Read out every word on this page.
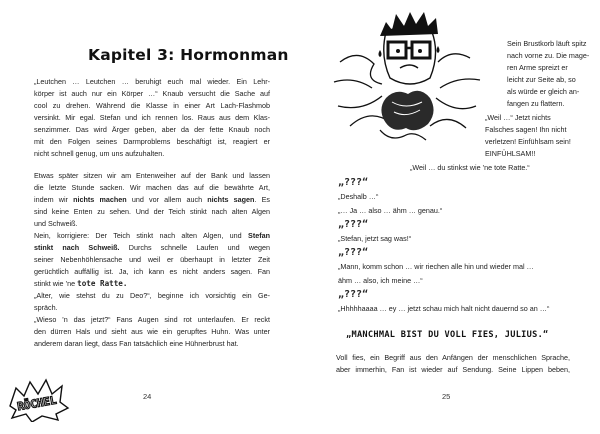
Kapitel 3: Hormonman
„Leutchen … Leutchen … beruhigt euch mal wieder. Ein Lehr-
körper ist auch nur ein Körper …“ Knaub versucht die Sache auf
cool zu drehen. Während die Klasse in einer Art Lach-Flashmob
versinkt. Mir egal. Stefan und ich rennen los. Raus aus dem Klas-
senzimmer. Das wird Ärger geben, aber da der fette Knaub noch
mit den Folgen seines Darmproblems beschäftigt ist, reagiert er
nicht schnell genug, um uns aufzuhalten.
Etwas später sitzen wir am Entenweiher auf der Bank und lassen
die letzte Stunde sacken. Wir machen das auf die bewährte Art,
indem wir nichts machen und vor allem auch nichts sagen. Es
sind keine Enten zu sehen. Und der Teich stinkt nach alten Algen
und Schweiß.
Nein, korrigiere: Der Teich stinkt nach alten Algen, und Stefan
stinkt nach Schweiß. Durchs schnelle Laufen und wegen
seiner Nebenhöhlensache und weil er überhaupt in letzter Zeit
gerüchtlich auffällig ist. Ja, ich kann es nicht anders sagen. Fan
stinkt wie ’ne tote Ratte.
„Alter, wie stehst du zu Deo?“, beginne ich vorsichtig ein Ge-
spräch.
„Wieso ’n das jetzt?“ Fans Augen sind rot unterlaufen. Er reckt
den dürren Hals und sieht aus wie ein gerupftes Huhn. Was unter
anderem daran liegt, dass Fan tatsächlich eine Hühnerbrust hat.
RÖCHEL	24
Sein Brustkorb läuft spitz
nach vorne zu. Die mage-
ren Arme spreizt er
leicht zur Seite ab, so
als würde er gleich an-
fangen zu flattern.
„Weil …“ Jetzt nichts
Falsches sagen! Ihn nicht
verletzen! Einfühlsam sein!
EINFÜHLSAM!!
„Weil … du stinkst wie ’ne tote Ratte.“
„???“
„Deshalb …“
„… Ja … also … ähm … genau.“
„???“
„Stefan, jetzt sag was!“
„???“
„Mann, komm schon … wir riechen alle hin und wieder mal …
ähm … also, ich meine …“
„???“
„Hhhhhaaaa … ey … jetzt schau mich halt nicht dauernd so an …“
„MANCHMAL BIST DU VOLL FIES, JULIUS.“
Voll fies, ein Begriff aus den Anfängen der menschlichen Sprache,
aber immerhin, Fan ist wieder auf Sendung. Seine Lippen beben,
25
